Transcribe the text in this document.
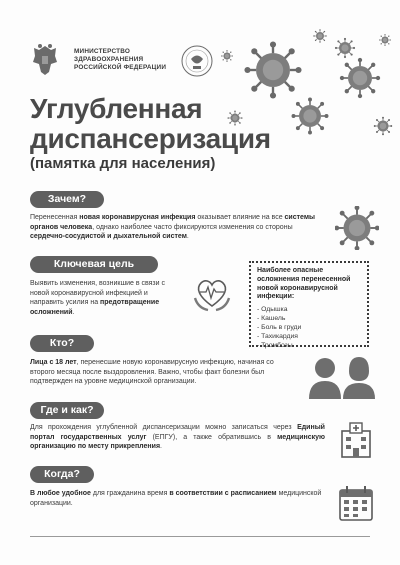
МИНИСТЕРСТВО
ЗДРАВООХРАНЕНИЯ
РОССИЙСКОЙ ФЕДЕРАЦИИ
Углубленная
диспансеризация
(памятка для населения)
Зачем?
Перенесенная новая коронавирусная инфекция оказывает влияние на все системы органов человека, однако наиболее часто фиксируются изменения со стороны сердечно-сосудистой и дыхательной систем.
Ключевая цель
Выявить изменения, возникшие в связи с новой коронавирусной инфекцией и направить усилия на предотвращение осложнений.
Наиболее опасные осложнения перенесенной новой коронавирусной инфекции:
- Одышка
- Кашель
- Боль в груди
- Тахикардия
- Тромбозы
Кто?
Лица с 18 лет, перенесшие новую коронавирусную инфекцию, начиная со второго месяца после выздоровления. Важно, чтобы факт болезни был подтвержден на уровне медицинской организации.
Где и как?
Для прохождения углубленной диспансеризации можно записаться через Единый портал государственных услуг (ЕПГУ), а также обратившись в медицинскую организацию по месту прикрепления.
Когда?
В любое удобное для гражданина время в соответствии с расписанием медицинской организации.
